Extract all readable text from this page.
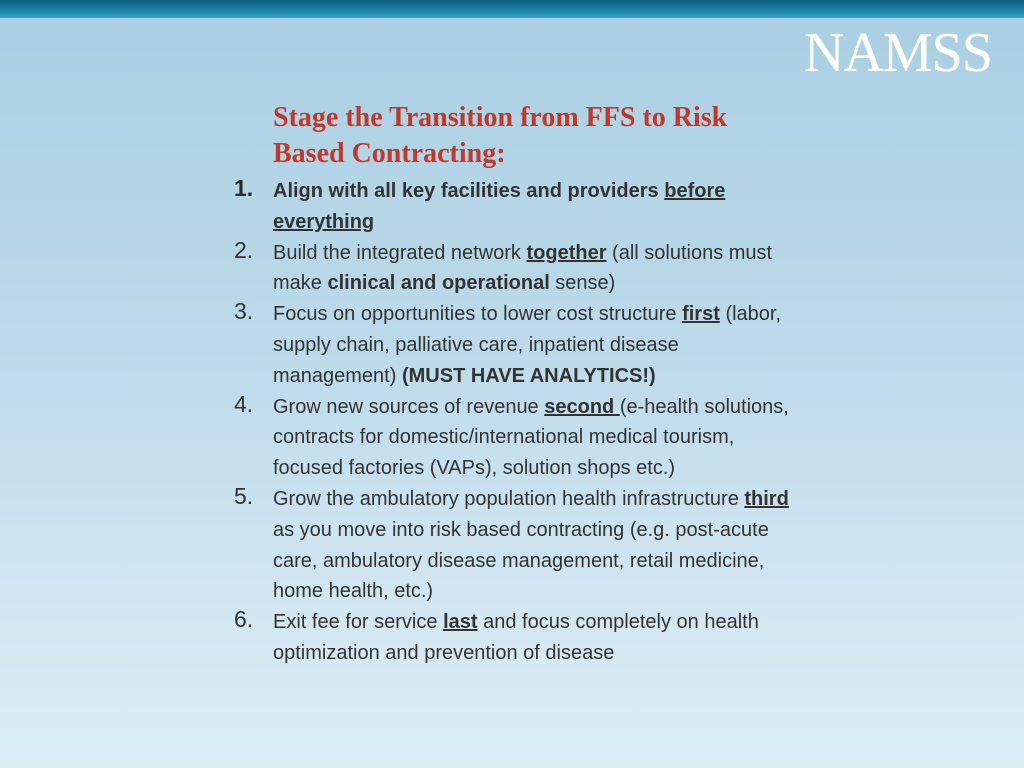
NAMSS
Stage the Transition from FFS to Risk Based Contracting:
1. Align with all key facilities and providers before everything
2. Build the integrated network together (all solutions must make clinical and operational sense)
3. Focus on opportunities to lower cost structure first (labor, supply chain, palliative care, inpatient disease management) (MUST HAVE ANALYTICS!)
4. Grow new sources of revenue second (e-health solutions, contracts for domestic/international medical tourism, focused factories (VAPs), solution shops etc.)
5. Grow the ambulatory population health infrastructure third as you move into risk based contracting (e.g. post-acute care, ambulatory disease management, retail medicine, home health, etc.)
6. Exit fee for service last and focus completely on health optimization and prevention of disease
